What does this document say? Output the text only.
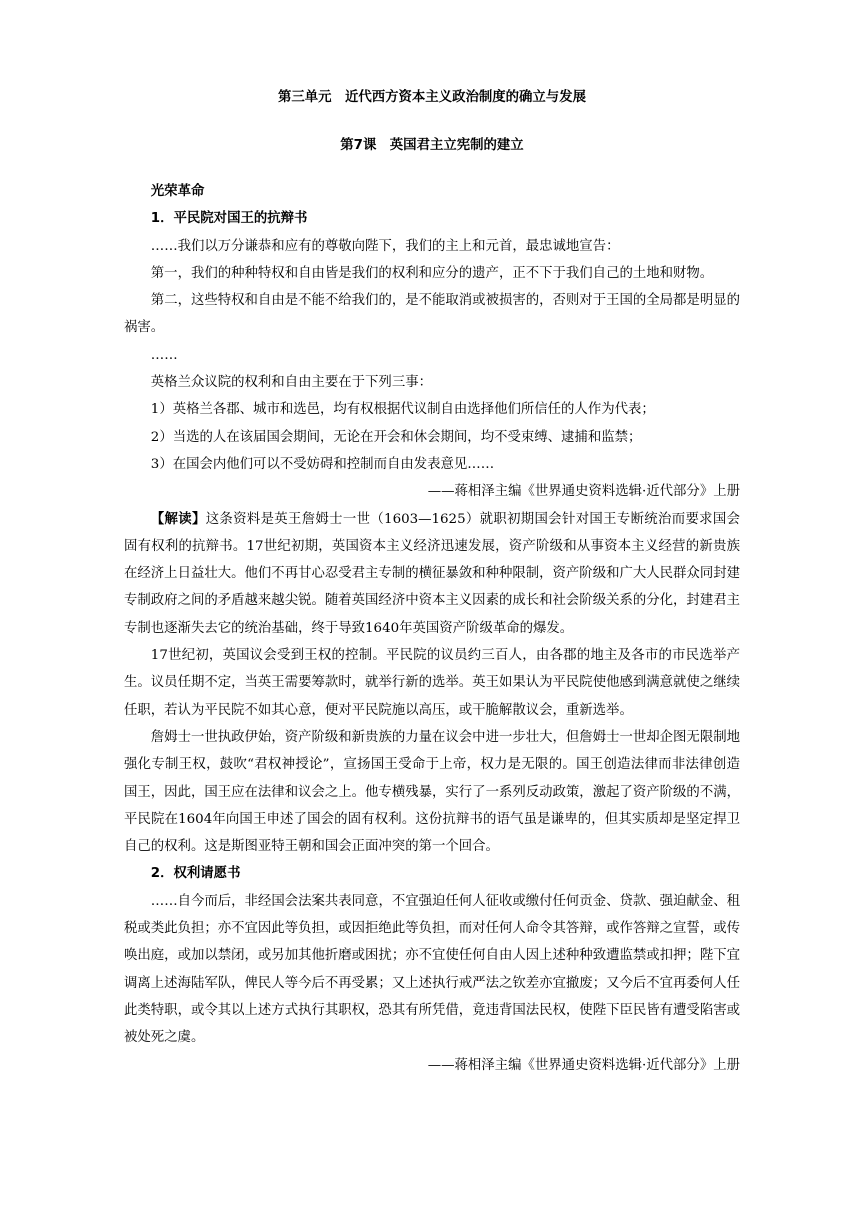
第三单元　近代西方资本主义政治制度的确立与发展
第7课　英国君主立宪制的建立
光荣革命
1．平民院对国王的抗辩书

……我们以万分谦恭和应有的尊敬向陛下，我们的主上和元首，最忠诚地宣告：

第一，我们的种种特权和自由皆是我们的权利和应分的遗产，正不下于我们自己的土地和财物。

第二，这些特权和自由是不能不给我们的，是不能取消或被损害的，否则对于王国的全局都是明显的祸害。

……

英格兰众议院的权利和自由主要在于下列三事：

1）英格兰各郡、城市和选邑，均有权根据代议制自由选择他们所信任的人作为代表；

2）当选的人在该届国会期间，无论在开会和休会期间，均不受束缚、逮捕和监禁；

3）在国会内他们可以不受妨碍和控制而自由发表意见……

——蒋相泽主编《世界通史资料选辑·近代部分》上册

【解读】这条资料是英王詹姆士一世（1603—1625）就职初期国会针对国王专断统治而要求国会固有权利的抗辩书。17世纪初期，英国资本主义经济迅速发展，资产阶级和从事资本主义经营的新贵族在经济上日益壮大。他们不再甘心忍受君主专制的横征暴敛和种种限制，资产阶级和广大人民群众同封建专制政府之间的矛盾越来越尖锐。随着英国经济中资本主义因素的成长和社会阶级关系的分化，封建君主专制也逐渐失去它的统治基础，终于导致1640年英国资产阶级革命的爆发。

17世纪初，英国议会受到王权的控制。平民院的议员约三百人，由各郡的地主及各市的市民选举产生。议员任期不定，当英王需要筹款时，就举行新的选举。英王如果认为平民院使他感到满意就使之继续任职，若认为平民院不如其心意，便对平民院施以高压，或干脆解散议会，重新选举。

詹姆士一世执政伊始，资产阶级和新贵族的力量在议会中进一步壮大，但詹姆士一世却企图无限制地强化专制王权，鼓吹“君权神授论”，宣扬国王受命于上帝，权力是无限的。国王创造法律而非法律创造国王，因此，国王应在法律和议会之上。他专横残暴，实行了一系列反动政策，激起了资产阶级的不满，平民院在1604年向国王申述了国会的固有权利。这份抗辩书的语气虽是谦卑的，但其实质却是坚定捍卫自己的权利。这是斯图亚特王朝和国会正面冲突的第一个回合。

2．权利请愿书

……自今而后，非经国会法案共表同意，不宜强迫任何人征收或缴付任何贡金、贷款、强迫献金、租税或类此负担；亦不宜因此等负担，或因拒绝此等负担，而对任何人命令其答辩，或作答辩之宣誓，或传唤出庭，或加以禁闭，或另加其他折磨或困扰；亦不宜使任何自由人因上述种种致遭监禁或扣押；陛下宜调离上述海陆军队，俾民人等今后不再受累；又上述执行戒严法之钦差亦宜撤废；又今后不宜再委何人任此类特职，或令其以上述方式执行其职权，恐其有所凭借，竟违背国法民权，使陛下臣民皆有遭受陷害或被处死之虞。

——蒋相泽主编《世界通史资料选辑·近代部分》上册
